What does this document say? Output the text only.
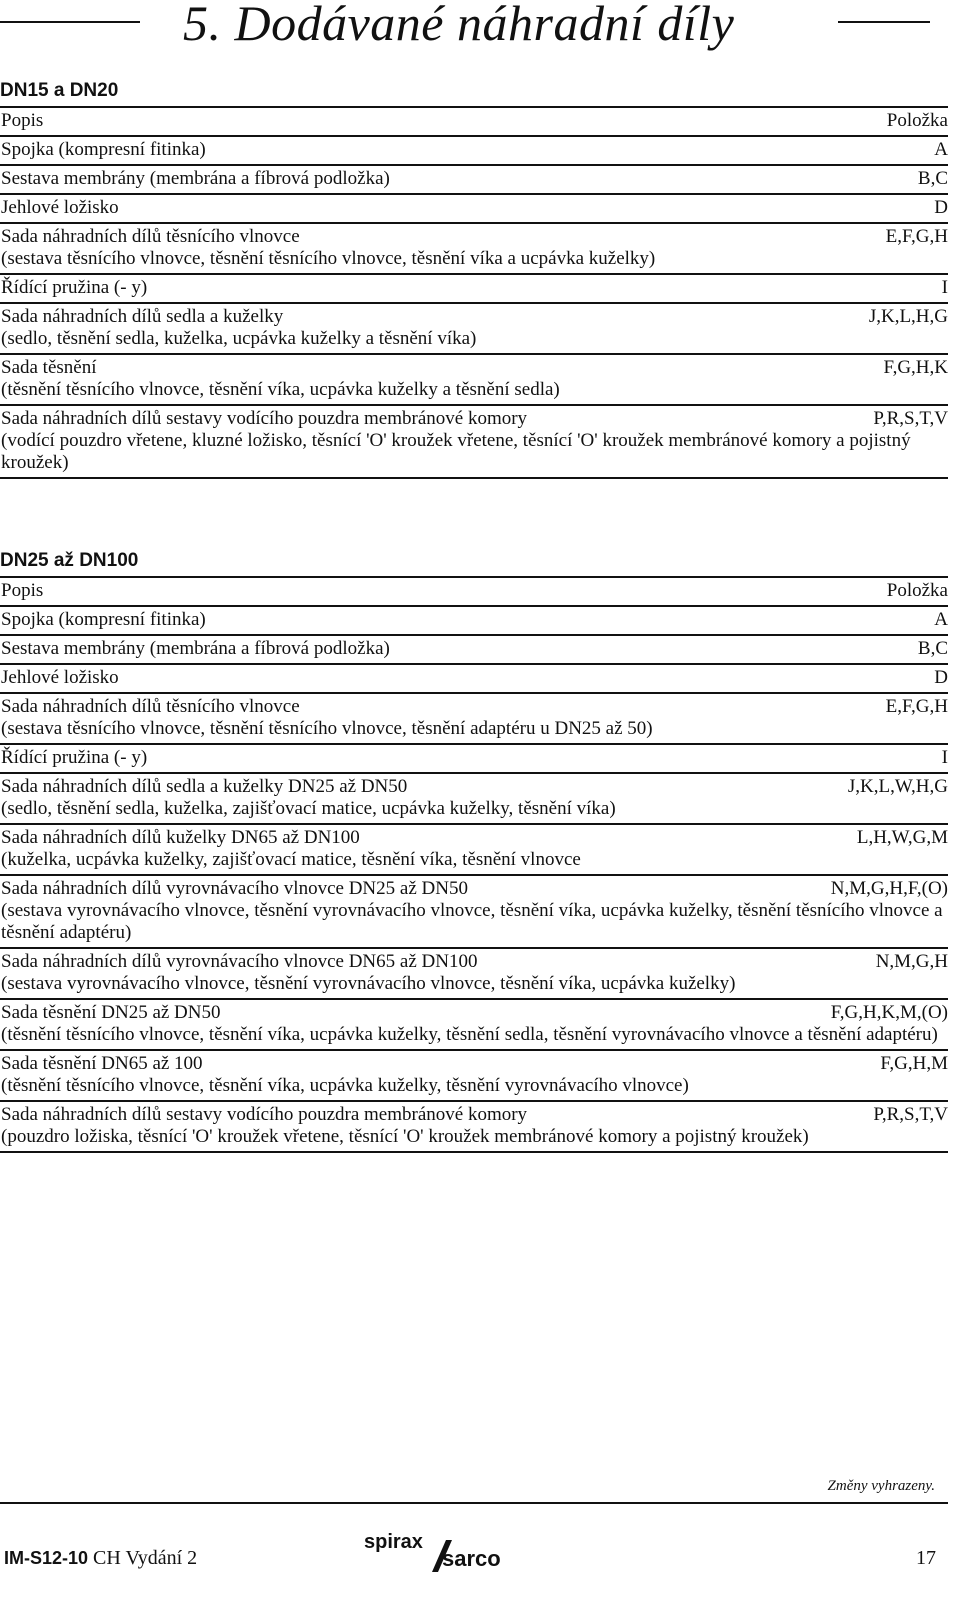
5. Dodávané náhradní díly
DN15 a DN20
Popis	Položka
Spojka (kompresní fitinka)	A
Sestava membrány (membrána a fíbrová podložka)	B,C
Jehlové ložisko	D
Sada náhradních dílů těsnícího vlnovce	E,F,G,H
(sestava těsnícího vlnovce, těsnění těsnícího vlnovce, těsnění víka a ucpávka kuželky)
Řídící pružina (- y)	I
Sada náhradních dílů sedla a kuželky	J,K,L,H,G
(sedlo, těsnění sedla, kuželka, ucpávka kuželky a těsnění víka)
Sada těsnění	F,G,H,K
(těsnění těsnícího vlnovce, těsnění víka, ucpávka kuželky a těsnění sedla)
Sada náhradních dílů sestavy vodícího pouzdra membránové komory	P,R,S,T,V
(vodící pouzdro vřetene, kluzné ložisko, těsnící 'O' kroužek vřetene, těsnící 'O' kroužek membránové komory a pojistný kroužek)
DN25 až DN100
Popis	Položka
Spojka (kompresní fitinka)	A
Sestava membrány (membrána a fíbrová podložka)	B,C
Jehlové ložisko	D
Sada náhradních dílů těsnícího vlnovce	E,F,G,H
(sestava těsnícího vlnovce, těsnění těsnícího vlnovce, těsnění adaptéru u DN25 až 50)
Řídící pružina (- y)	I
Sada náhradních dílů sedla a kuželky DN25 až DN50	J,K,L,W,H,G
(sedlo, těsnění sedla, kuželka, zajišťovací matice, ucpávka kuželky, těsnění víka)
Sada náhradních dílů kuželky DN65 až DN100	L,H,W,G,M
(kuželka, ucpávka kuželky, zajišťovací matice, těsnění víka, těsnění vlnovce
Sada náhradních dílů vyrovnávacího vlnovce DN25 až DN50	N,M,G,H,F,(O)
(sestava vyrovnávacího vlnovce, těsnění vyrovnávacího vlnovce, těsnění víka, ucpávka kuželky, těsnění těsnícího vlnovce a těsnění adaptéru)
Sada náhradních dílů vyrovnávacího vlnovce DN65 až DN100	N,M,G,H
(sestava vyrovnávacího vlnovce, těsnění vyrovnávacího vlnovce, těsnění víka, ucpávka kuželky)
Sada těsnění DN25 až DN50	F,G,H,K,M,(O)
(těsnění těsnícího vlnovce, těsnění víka, ucpávka kuželky, těsnění sedla, těsnění vyrovnávacího vlnovce a těsnění adaptéru)
Sada těsnění DN65 až 100	F,G,H,M
(těsnění těsnícího vlnovce, těsnění víka, ucpávka kuželky, těsnění vyrovnávacího vlnovce)
Sada náhradních dílů sestavy vodícího pouzdra membránové komory	P,R,S,T,V
(pouzdro ložiska, těsnící 'O' kroužek vřetene, těsnící 'O' kroužek membránové komory a pojistný kroužek)
Změny vyhrazeny.
IM-S12-10 CH Vydání 2
spirax
sarco	17
